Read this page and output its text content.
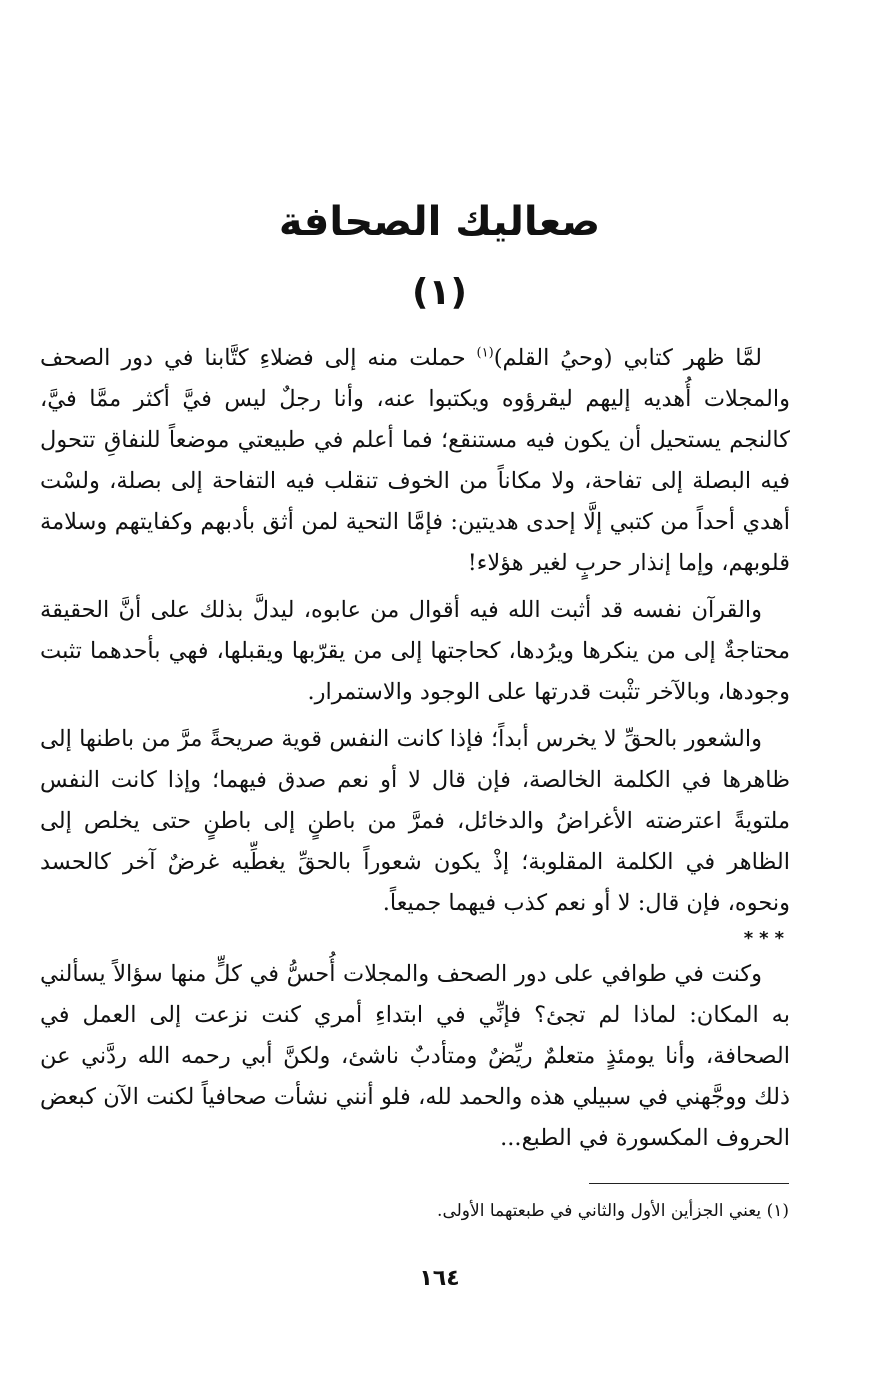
صعاليك الصحافة
(١)

لمَّا ظهر كتابي (وحيُ القلم)$^{(١)}$ حملت منه إلى فضلاءِ كتَّابنا في دور الصحف والمجلات أُهديه إليهم ليقرؤوه ويكتبوا عنه، وأنا رجلٌ ليس فيَّ أكثر ممَّا فيَّ، كالنجم يستحيل أن يكون فيه مستنقع؛ فما أعلم في طبيعتي موضعاً للنفاقِ تتحول فيه البصلة إلى تفاحة، ولا مكاناً من الخوف تنقلب فيه التفاحة إلى بصلة، ولسْت أهدي أحداً من كتبي إلَّا إحدى هديتين: فإمَّا التحية لمن أثق بأدبهم وكفايتهم وسلامة قلوبهم، وإما إنذار حربٍ لغير هؤلاء!

والقرآن نفسه قد أثبت الله فيه أقوال من عابوه، ليدلَّ بذلك على أنَّ الحقيقة محتاجةٌ إلى من ينكرها ويرُدها، كحاجتها إلى من يقرّبها ويقبلها، فهي بأحدهما تثبت وجودها، وبالآخر تثْبت قدرتها على الوجود والاستمرار.

والشعور بالحقِّ لا يخرس أبداً؛ فإذا كانت النفس قوية صريحةً مرَّ من باطنها إلى ظاهرها في الكلمة الخالصة، فإن قال لا أو نعم صدق فيهما؛ وإذا كانت النفس ملتويةً اعترضته الأغراضُ والدخائل، فمرَّ من باطنٍ إلى باطنٍ حتى يخلص إلى الظاهر في الكلمة المقلوبة؛ إذْ يكون شعوراً بالحقِّ يغطِّيه غرضٌ آخر كالحسد ونحوه، فإن قال: لا أو نعم كذب فيهما جميعاً.

***

وكنت في طوافي على دور الصحف والمجلات أُحسُّ في كلٍّ منها سؤالاً يسألني به المكان: لماذا لم تجئ؟ فإنِّي في ابتداءِ أمري كنت نزعت إلى العمل في الصحافة، وأنا يومئذٍ متعلمٌ ريِّضٌ ومتأدبٌ ناشئ، ولكنَّ أبي رحمه الله ردَّني عن ذلك ووجَّهني في سبيلي هذه والحمد لله، فلو أنني نشأت صحافياً لكنت الآن كبعض الحروف المكسورة في الطبع...

(١) يعني الجزأين الأول والثاني في طبعتهما الأولى.
١٦٤
